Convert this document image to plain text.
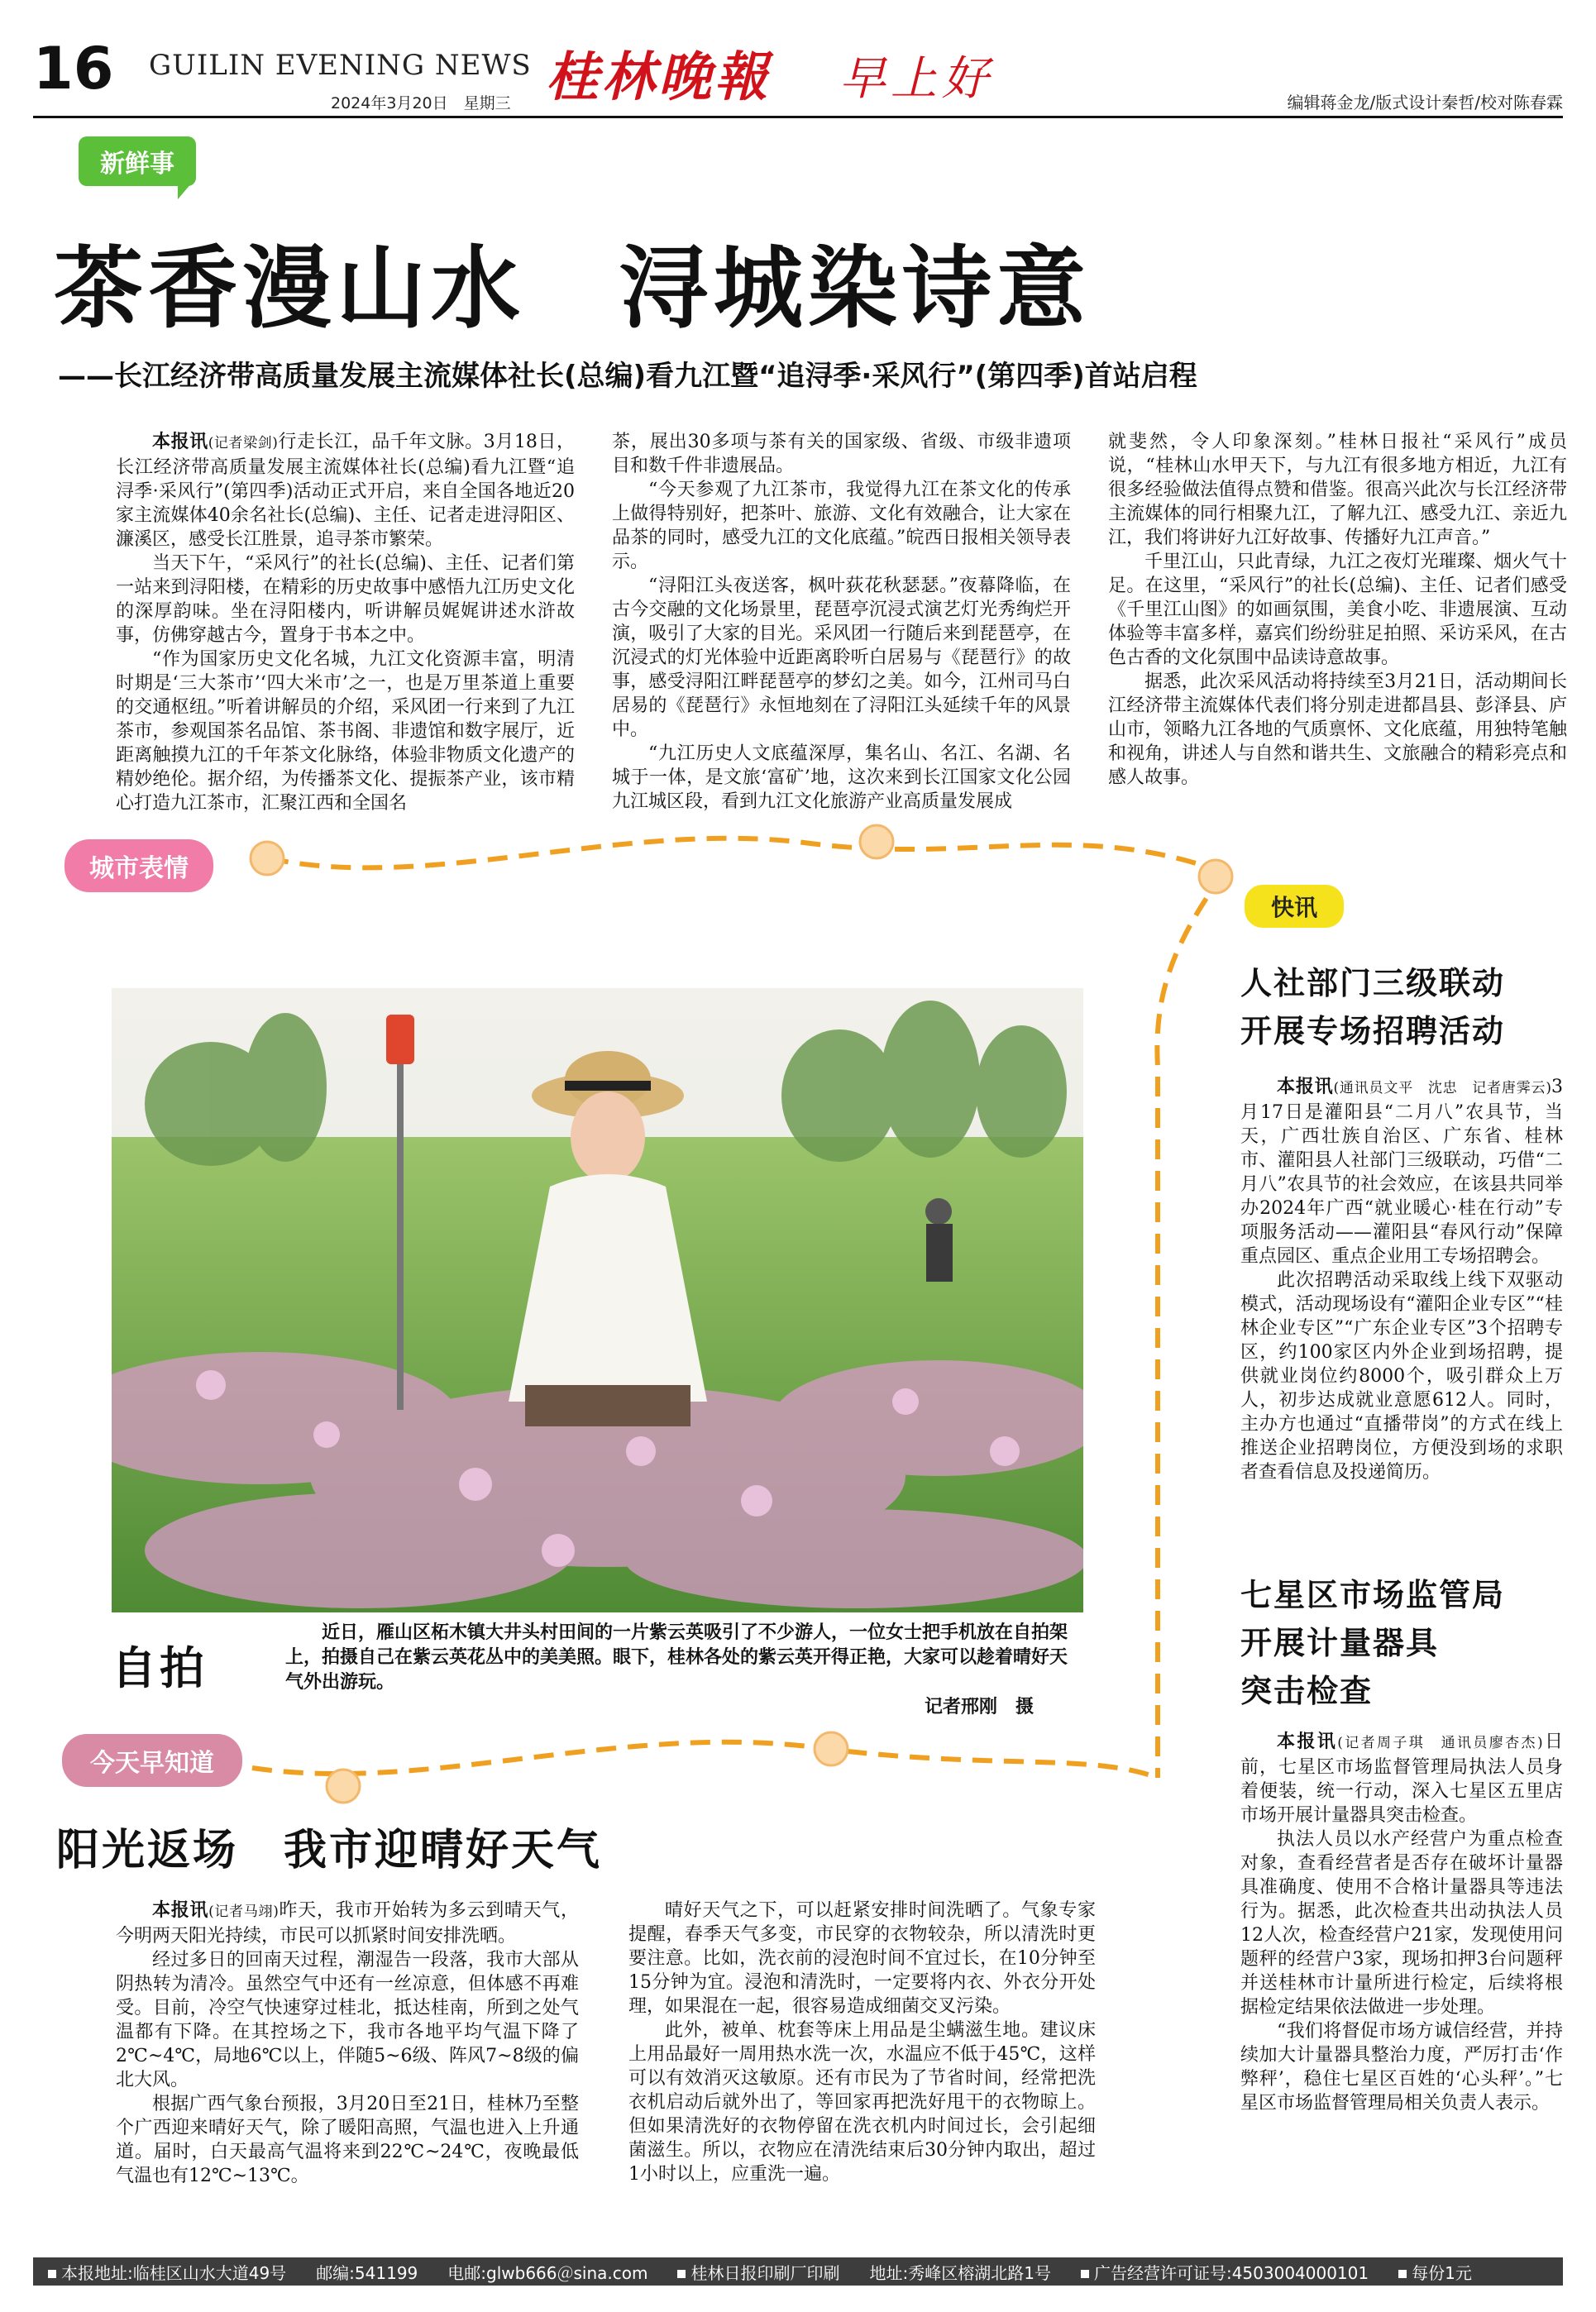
16 GUILIN EVENING NEWS
2024年3月20日　星期三 桂林晚報 早上好	编辑蒋金龙/版式设计秦哲/校对陈春霖
新鲜事
茶香漫山水　浔城染诗意
——长江经济带高质量发展主流媒体社长(总编)看九江暨“追浔季·采风行”(第四季)首站启程

本报讯(记者梁剑)行走长江，品千年文脉。3月18日，长江经济带高质量发展主流媒体社长(总编)看九江暨“追浔季·采风行”(第四季)活动正式开启，来自全国各地近20家主流媒体40余名社长(总编)、主任、记者走进浔阳区、濂溪区，感受长江胜景，追寻茶市繁荣。

当天下午，“采风行”的社长(总编)、主任、记者们第一站来到浔阳楼，在精彩的历史故事中感悟九江历史文化的深厚韵味。坐在浔阳楼内，听讲解员娓娓讲述水浒故事，仿佛穿越古今，置身于书本之中。

“作为国家历史文化名城，九江文化资源丰富，明清时期是‘三大茶市’‘四大米市’之一，也是万里茶道上重要的交通枢纽。”听着讲解员的介绍，采风团一行来到了九江茶市，参观国茶名品馆、茶书阁、非遗馆和数字展厅，近距离触摸九江的千年茶文化脉络，体验非物质文化遗产的精妙绝伦。据介绍，为传播茶文化、提振茶产业，该市精心打造九江茶市，汇聚江西和全国名

茶，展出30多项与茶有关的国家级、省级、市级非遗项目和数千件非遗展品。

“今天参观了九江茶市，我觉得九江在茶文化的传承上做得特别好，把茶叶、旅游、文化有效融合，让大家在品茶的同时，感受九江的文化底蕴。”皖西日报相关领导表示。

“浔阳江头夜送客，枫叶荻花秋瑟瑟。”夜幕降临，在古今交融的文化场景里，琵琶亭沉浸式演艺灯光秀绚烂开演，吸引了大家的目光。采风团一行随后来到琵琶亭，在沉浸式的灯光体验中近距离聆听白居易与《琵琶行》的故事，感受浔阳江畔琵琶亭的梦幻之美。如今，江州司马白居易的《琵琶行》永恒地刻在了浔阳江头延续千年的风景中。

“九江历史人文底蕴深厚，集名山、名江、名湖、名城于一体，是文旅‘富矿’地，这次来到长江国家文化公园九江城区段，看到九江文化旅游产业高质量发展成

就斐然，令人印象深刻。”桂林日报社“采风行”成员说，“桂林山水甲天下，与九江有很多地方相近，九江有很多经验做法值得点赞和借鉴。很高兴此次与长江经济带主流媒体的同行相聚九江，了解九江、感受九江、亲近九江，我们将讲好九江好故事、传播好九江声音。”

千里江山，只此青绿，九江之夜灯光璀璨、烟火气十足。在这里，“采风行”的社长(总编)、主任、记者们感受《千里江山图》的如画氛围，美食小吃、非遗展演、互动体验等丰富多样，嘉宾们纷纷驻足拍照、采访采风，在古色古香的文化氛围中品读诗意故事。

据悉，此次采风活动将持续至3月21日，活动期间长江经济带主流媒体代表们将分别走进都昌县、彭泽县、庐山市，领略九江各地的气质禀怀、文化底蕴，用独特笔触和视角，讲述人与自然和谐共生、文旅融合的精彩亮点和感人故事。

城市表情
自拍
近日，雁山区柘木镇大井头村田间的一片紫云英吸引了不少游人，一位女士把手机放在自拍架上，拍摄自己在紫云英花丛中的美美照。眼下，桂林各处的紫云英开得正艳，大家可以趁着晴好天气外出游玩。
记者邢刚　摄
今天早知道
阳光返场　我市迎晴好天气

本报讯(记者马翊)昨天，我市开始转为多云到晴天气，今明两天阳光持续，市民可以抓紧时间安排洗晒。

经过多日的回南天过程，潮湿告一段落，我市大部从阴热转为清冷。虽然空气中还有一丝凉意，但体感不再难受。目前，冷空气快速穿过桂北，抵达桂南，所到之处气温都有下降。在其控场之下，我市各地平均气温下降了2℃~4℃，局地6℃以上，伴随5~6级、阵风7~8级的偏北大风。

根据广西气象台预报，3月20日至21日，桂林乃至整个广西迎来晴好天气，除了暖阳高照，气温也进入上升通道。届时，白天最高气温将来到22℃~24℃，夜晚最低气温也有12℃~13℃。

晴好天气之下，可以赶紧安排时间洗晒了。气象专家提醒，春季天气多变，市民穿的衣物较杂，所以清洗时更要注意。比如，洗衣前的浸泡时间不宜过长，在10分钟至15分钟为宜。浸泡和清洗时，一定要将内衣、外衣分开处理，如果混在一起，很容易造成细菌交叉污染。

此外，被单、枕套等床上用品是尘螨滋生地。建议床上用品最好一周用热水洗一次，水温应不低于45℃，这样可以有效消灭这敏原。还有市民为了节省时间，经常把洗衣机启动后就外出了，等回家再把洗好甩干的衣物晾上。但如果清洗好的衣物停留在洗衣机内时间过长，会引起细菌滋生。所以，衣物应在清洗结束后30分钟内取出，超过1小时以上，应重洗一遍。

快讯
人社部门三级联动
开展专场招聘活动

本报讯(通讯员文平　沈忠　记者唐霁云)3月17日是灌阳县“二月八”农具节，当天，广西壮族自治区、广东省、桂林市、灌阳县人社部门三级联动，巧借“二月八”农具节的社会效应，在该县共同举办2024年广西“就业暖心·桂在行动”专项服务活动——灌阳县“春风行动”保障重点园区、重点企业用工专场招聘会。

此次招聘活动采取线上线下双驱动模式，活动现场设有“灌阳企业专区”“桂林企业专区”“广东企业专区”3个招聘专区，约100家区内外企业到场招聘，提供就业岗位约8000个，吸引群众上万人，初步达成就业意愿612人。同时，主办方也通过“直播带岗”的方式在线上推送企业招聘岗位，方便没到场的求职者查看信息及投递简历。

七星区市场监管局
开展计量器具
突击检查

本报讯(记者周子琪　通讯员廖杏杰)日前，七星区市场监督管理局执法人员身着便装，统一行动，深入七星区五里店市场开展计量器具突击检查。

执法人员以水产经营户为重点检查对象，查看经营者是否存在破坏计量器具准确度、使用不合格计量器具等违法行为。据悉，此次检查共出动执法人员12人次，检查经营户21家，发现使用问题秤的经营户3家，现场扣押3台问题秤并送桂林市计量所进行检定，后续将根据检定结果依法做进一步处理。

“我们将督促市场方诚信经营，并持续加大计量器具整治力度，严厉打击‘作弊秤’，稳住七星区百姓的‘心头秤’。”七星区市场监督管理局相关负责人表示。

本报地址:临桂区山水大道49号	邮编:541199	电邮:glwb666＠sina.com	桂林日报印刷厂印刷	地址:秀峰区榕湖北路1号	广告经营许可证号:4503004000101	每份1元
